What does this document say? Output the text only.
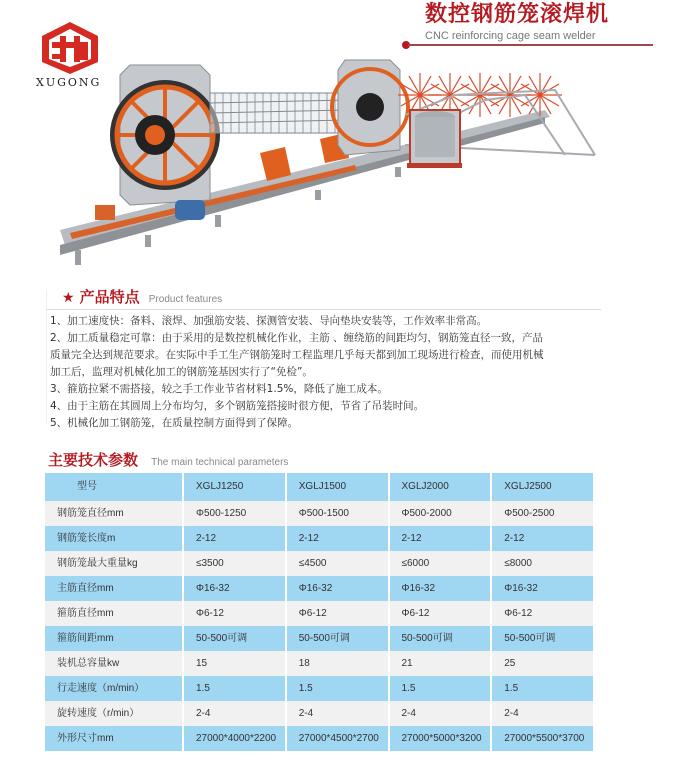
数控钢筋笼滚焊机
CNC reinforcing cage seam welder
XUGONG
★ 产品特点 Product features
1、加工速度快：备料、滚焊、加强筋安装、探测管安装、导向垫块安装等，工作效率非常高。
2、加工质量稳定可靠：由于采用的是数控机械化作业，主筋 、缠绕筋的间距均匀，钢筋笼直径一致，产品
质量完全达到规范要求。在实际中手工生产钢筋笼时工程监理几乎每天都到加工现场进行检查，而使用机械
加工后，监理对机械化加工的钢筋笼基因实行了“免检”。
3、箍筋拉紧不需搭接，较之手工作业节省材料1.5%，降低了施工成本。
4、由于主筋在其圆周上分布均匀，多个钢筋笼搭接时很方便，节省了吊装时间。
5、机械化加工钢筋笼，在质量控制方面得到了保障。
主要技术参数 The main technical parameters
型号	XGLJ1250	XGLJ1500	XGLJ2000	XGLJ2500
钢筋笼直径mm	Φ500-1250	Φ500-1500	Φ500-2000	Φ500-2500
钢筋笼长度m	2-12	2-12	2-12	2-12
钢筋笼最大重量kg	≤3500	≤4500	≤6000	≤8000
主筋直径mm	Φ16-32	Φ16-32	Φ16-32	Φ16-32
箍筋直径mm	Φ6-12	Φ6-12	Φ6-12	Φ6-12
箍筋间距mm	50-500可调	50-500可调	50-500可调	50-500可调
装机总容量kw	15	18	21	25
行走速度（m/min）	1.5	1.5	1.5	1.5
旋转速度（r/min）	2-4	2-4	2-4	2-4
外形尺寸mm	27000*4000*2200	27000*4500*2700	27000*5000*3200	27000*5500*3700
